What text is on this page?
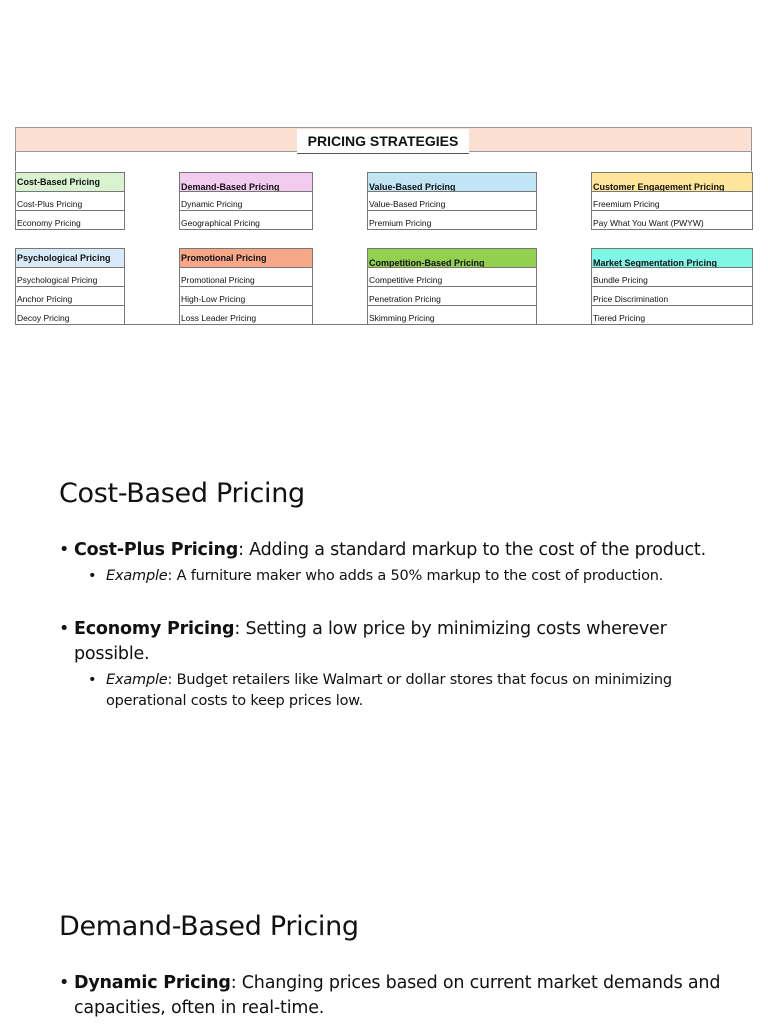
PRICING STRATEGIES
Cost-Based Pricing
Cost-Plus Pricing
Economy Pricing
Demand-Based Pricing
Dynamic Pricing
Geographical Pricing
Value-Based Pricing
Value-Based Pricing
Premium Pricing
Customer Engagement Pricing
Freemium Pricing
Pay What You Want (PWYW)
Psychological Pricing
Psychological Pricing
Anchor Pricing
Decoy Pricing
Promotional Pricing
Promotional Pricing
High-Low Pricing
Loss Leader Pricing
Competition-Based Pricing
Competitive Pricing
Penetration Pricing
Skimming Pricing
Market Segmentation Pricing
Bundle Pricing
Price Discrimination
Tiered Pricing
Cost-Based Pricing

• Cost-Plus Pricing: Adding a standard markup to the cost of the product.

• Example: A furniture maker who adds a 50% markup to the cost of production.

• Economy Pricing: Setting a low price by minimizing costs wherever possible.

• Example: Budget retailers like Walmart or dollar stores that focus on minimizing operational costs to keep prices low.

Demand-Based Pricing

• Dynamic Pricing: Changing prices based on current market demands and capacities, often in real-time.
